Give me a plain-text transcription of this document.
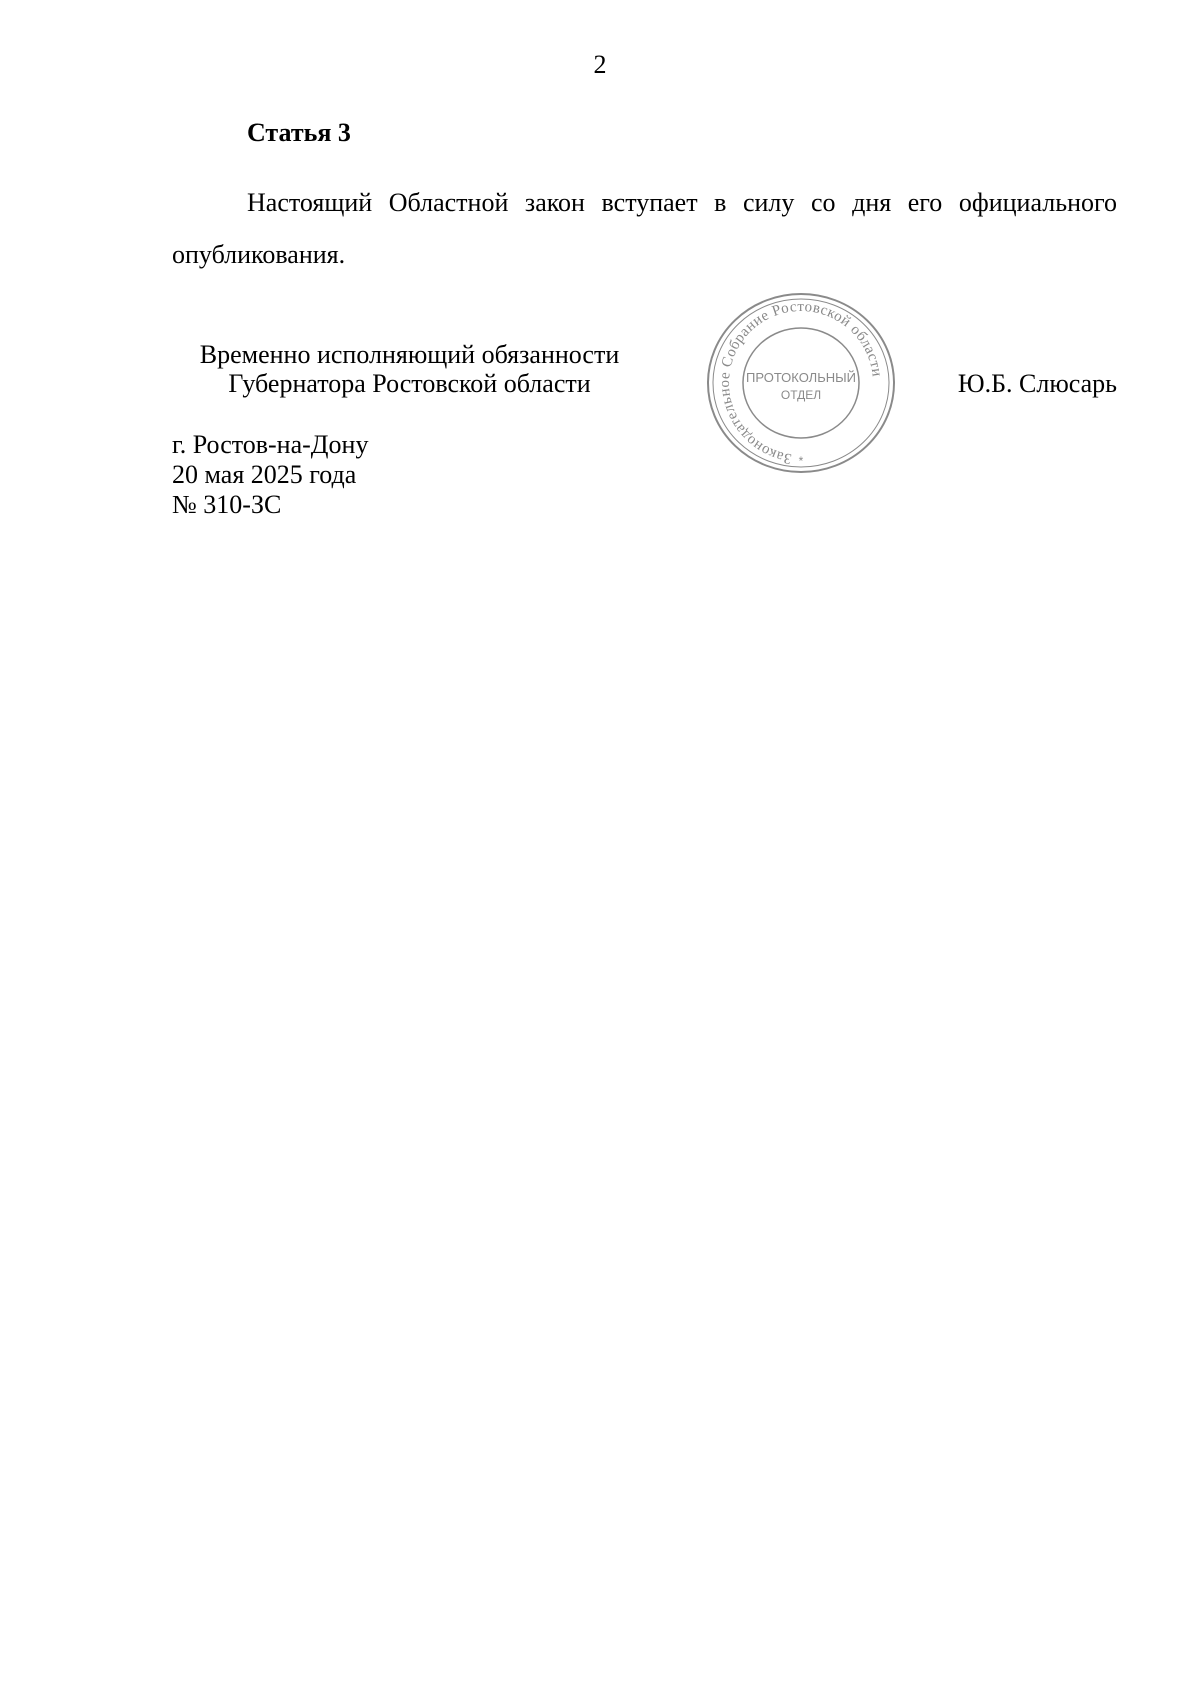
2
Статья 3
Настоящий Областной закон вступает в силу со дня его официального опубликования.
Временно исполняющий обязанности
Губернатора Ростовской области	Ю.Б. Слюсарь
г. Ростов-на-Дону
20 мая 2025 года
№ 310-ЗС
Законодательное Собрание Ростовской области
ПРОТОКОЛЬНЫЙ
ОТДЕЛ
*
